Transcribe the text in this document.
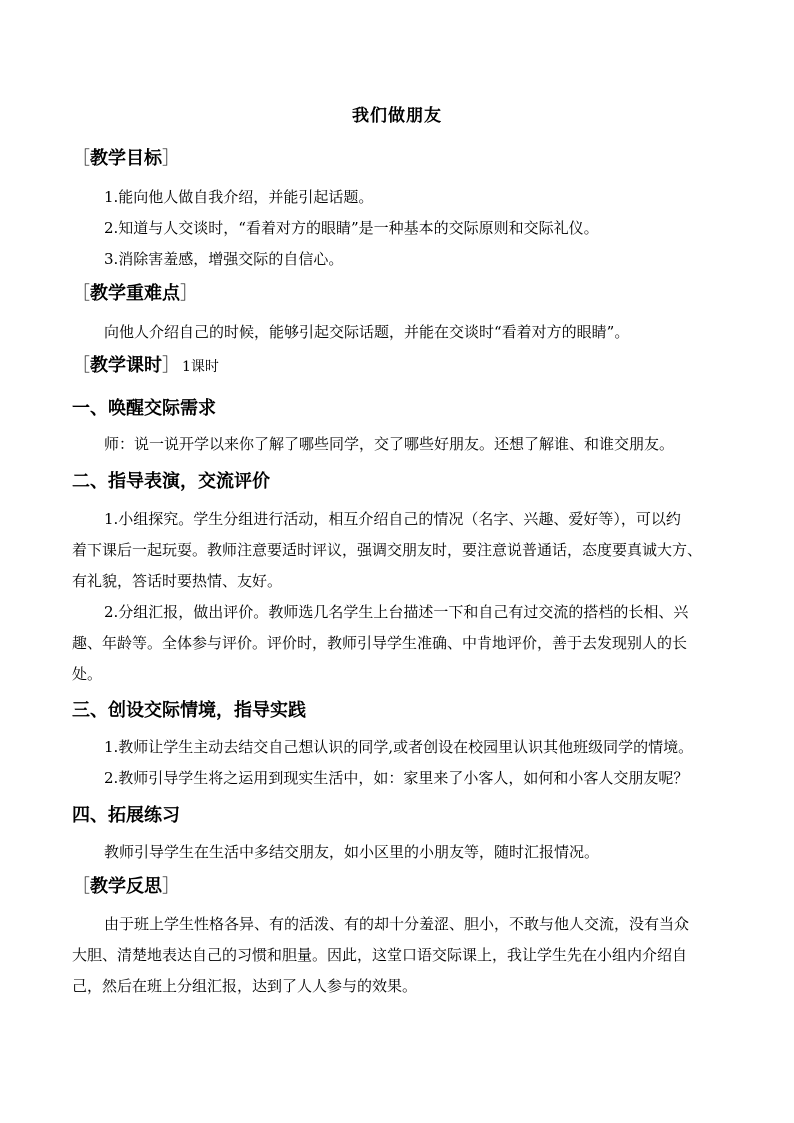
我们做朋友
［教学目标］
1.能向他人做自我介绍，并能引起话题。
2.知道与人交谈时，“看着对方的眼睛”是一种基本的交际原则和交际礼仪。
3.消除害羞感，增强交际的自信心。
［教学重难点］
向他人介绍自己的时候，能够引起交际话题，并能在交谈时“看着对方的眼睛”。
［教学课时］ 1课时
一、唤醒交际需求
师：说一说开学以来你了解了哪些同学，交了哪些好朋友。还想了解谁、和谁交朋友。
二、指导表演，交流评价
1.小组探究。学生分组进行活动，相互介绍自己的情况（名字、兴趣、爱好等），可以约
着下课后一起玩耍。教师注意要适时评议，强调交朋友时，要注意说普通话，态度要真诚大方、
有礼貌，答话时要热情、友好。
2.分组汇报，做出评价。教师选几名学生上台描述一下和自己有过交流的搭档的长相、兴
趣、年龄等。全体参与评价。评价时，教师引导学生准确、中肯地评价，善于去发现别人的长
处。
三、创设交际情境，指导实践
1.教师让学生主动去结交自己想认识的同学,或者创设在校园里认识其他班级同学的情境。
2.教师引导学生将之运用到现实生活中，如：家里来了小客人，如何和小客人交朋友呢？
四、拓展练习
教师引导学生在生活中多结交朋友，如小区里的小朋友等，随时汇报情况。
［教学反思］
由于班上学生性格各异、有的活泼、有的却十分羞涩、胆小，不敢与他人交流，没有当众
大胆、清楚地表达自己的习惯和胆量。因此，这堂口语交际课上，我让学生先在小组内介绍自
己，然后在班上分组汇报，达到了人人参与的效果。
